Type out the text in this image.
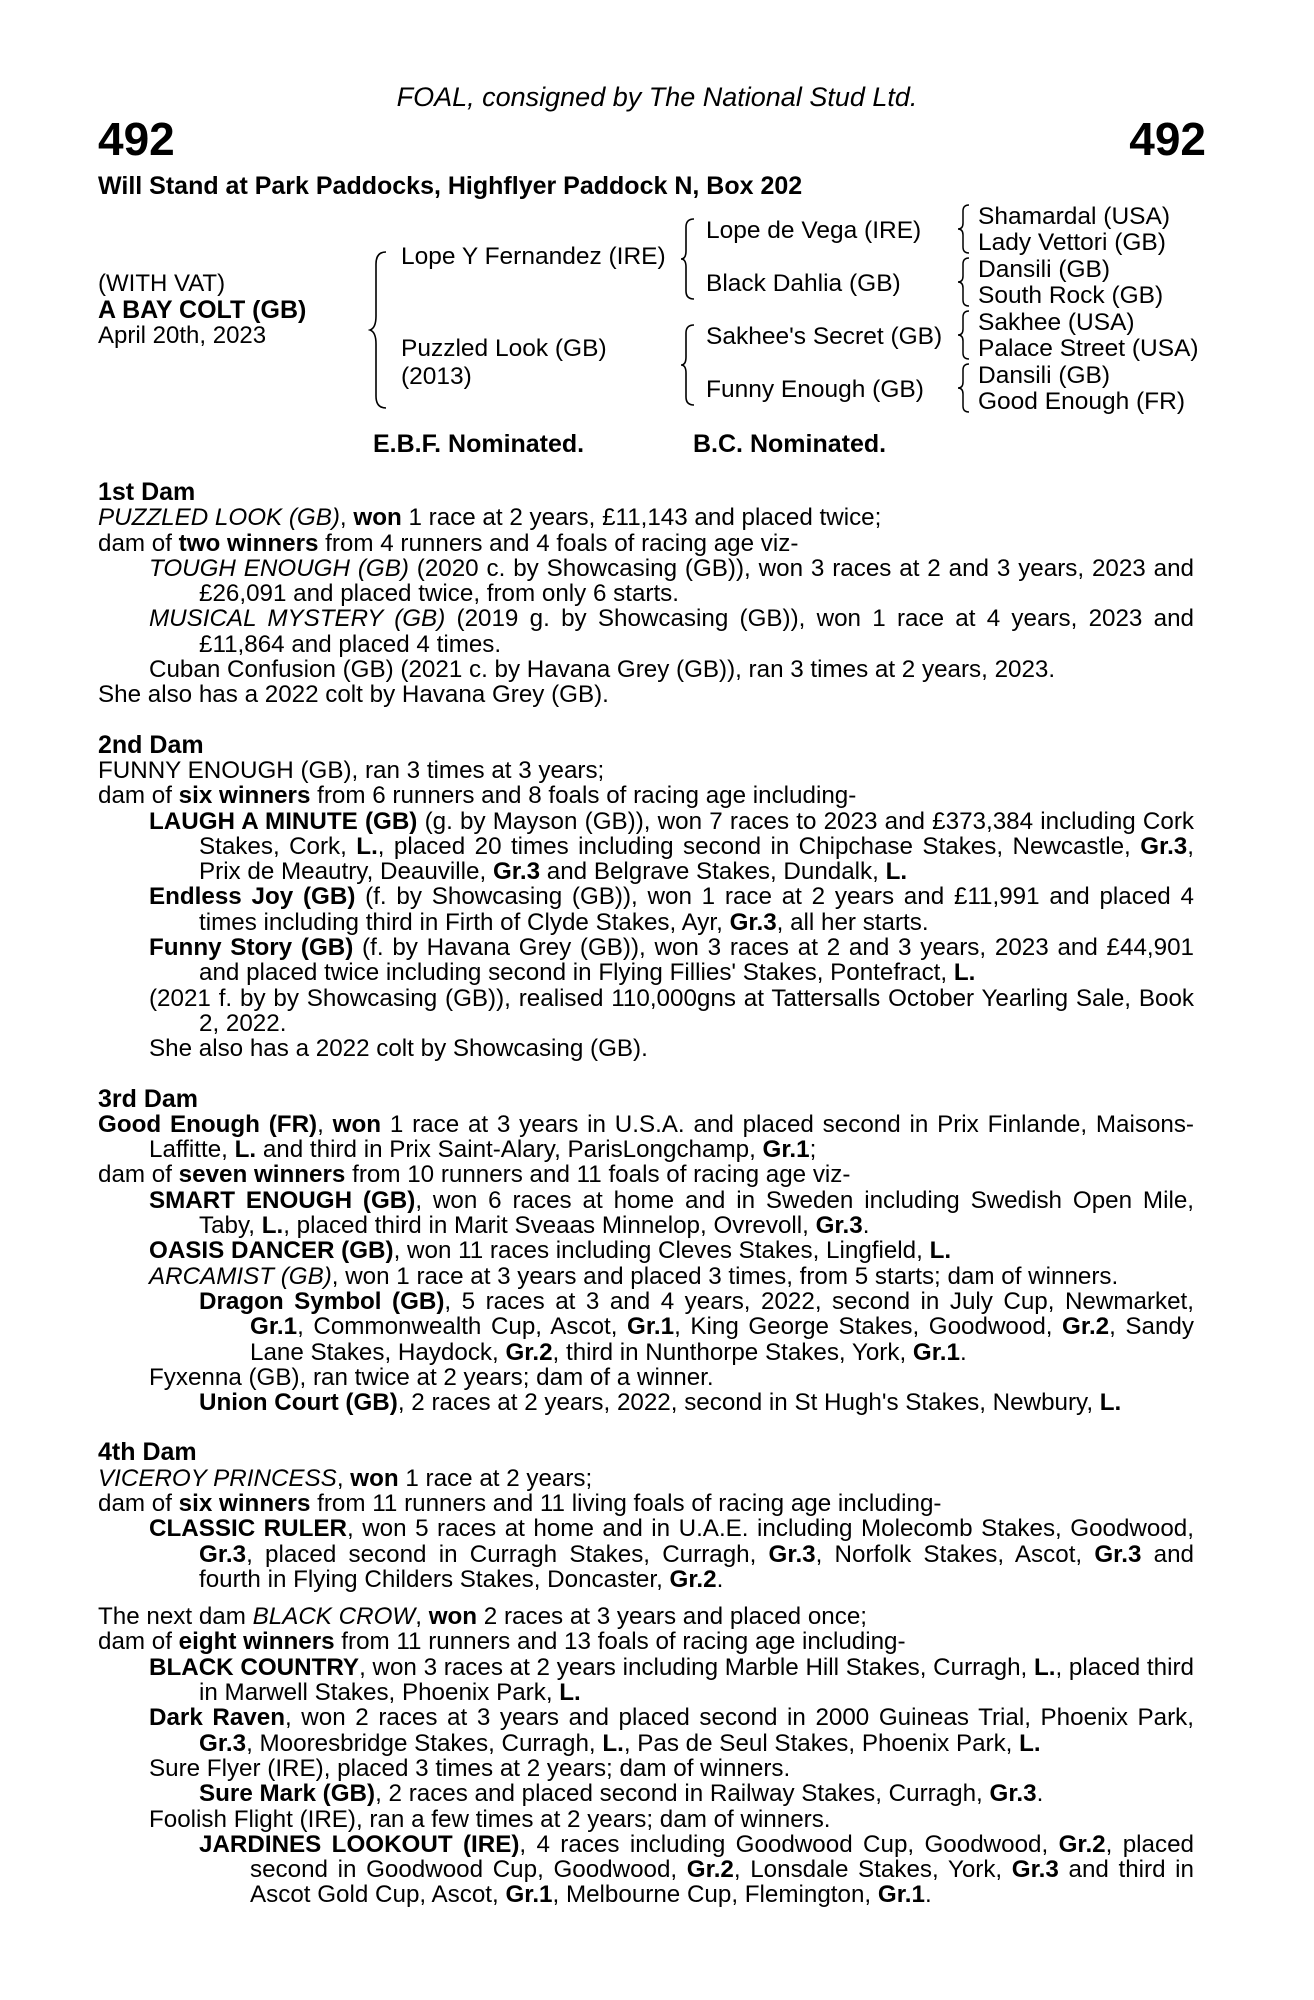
FOAL, consigned by The National Stud Ltd.
492	492
Will Stand at Park Paddocks, Highflyer Paddock N, Box 202
(WITH VAT)
A BAY COLT (GB)
April 20th, 2023
Lope Y Fernandez (IRE)
Puzzled Look (GB)
(2013)
Lope de Vega (IRE)
Black Dahlia (GB)
Sakhee's Secret (GB)
Funny Enough (GB)
Shamardal (USA)
Lady Vettori (GB)
Dansili (GB)
South Rock (GB)
Sakhee (USA)
Palace Street (USA)
Dansili (GB)
Good Enough (FR)
E.B.F. Nominated.	B.C. Nominated.

1st Dam

PUZZLED LOOK (GB), won 1 race at 2 years, £11,143 and placed twice;

dam of two winners from 4 runners and 4 foals of racing age viz-

TOUGH ENOUGH (GB) (2020 c. by Showcasing (GB)), won 3 races at 2 and 3 years, 2023 and £26,091 and placed twice, from only 6 starts.

MUSICAL MYSTERY (GB) (2019 g. by Showcasing (GB)), won 1 race at 4 years, 2023 and £11,864 and placed 4 times.

Cuban Confusion (GB) (2021 c. by Havana Grey (GB)), ran 3 times at 2 years, 2023.

She also has a 2022 colt by Havana Grey (GB).

2nd Dam

FUNNY ENOUGH (GB), ran 3 times at 3 years;

dam of six winners from 6 runners and 8 foals of racing age including-

LAUGH A MINUTE (GB) (g. by Mayson (GB)), won 7 races to 2023 and £373,384 including Cork Stakes, Cork, L., placed 20 times including second in Chipchase Stakes, Newcastle, Gr.3, Prix de Meautry, Deauville, Gr.3 and Belgrave Stakes, Dundalk, L.

Endless Joy (GB) (f. by Showcasing (GB)), won 1 race at 2 years and £11,991 and placed 4 times including third in Firth of Clyde Stakes, Ayr, Gr.3, all her starts.

Funny Story (GB) (f. by Havana Grey (GB)), won 3 races at 2 and 3 years, 2023 and £44,901 and placed twice including second in Flying Fillies' Stakes, Pontefract, L.

(2021 f. by by Showcasing (GB)), realised 110,000gns at Tattersalls October Yearling Sale, Book 2, 2022.

She also has a 2022 colt by Showcasing (GB).

3rd Dam

Good Enough (FR), won 1 race at 3 years in U.S.A. and placed second in Prix Finlande, Maisons-Laffitte, L. and third in Prix Saint-Alary, ParisLongchamp, Gr.1;

dam of seven winners from 10 runners and 11 foals of racing age viz-

SMART ENOUGH (GB), won 6 races at home and in Sweden including Swedish Open Mile, Taby, L., placed third in Marit Sveaas Minnelop, Ovrevoll, Gr.3.

OASIS DANCER (GB), won 11 races including Cleves Stakes, Lingfield, L.

ARCAMIST (GB), won 1 race at 3 years and placed 3 times, from 5 starts; dam of winners.

Dragon Symbol (GB), 5 races at 3 and 4 years, 2022, second in July Cup, Newmarket, Gr.1, Commonwealth Cup, Ascot, Gr.1, King George Stakes, Goodwood, Gr.2, Sandy Lane Stakes, Haydock, Gr.2, third in Nunthorpe Stakes, York, Gr.1.

Fyxenna (GB), ran twice at 2 years; dam of a winner.

Union Court (GB), 2 races at 2 years, 2022, second in St Hugh's Stakes, Newbury, L.

4th Dam

VICEROY PRINCESS, won 1 race at 2 years;

dam of six winners from 11 runners and 11 living foals of racing age including-

CLASSIC RULER, won 5 races at home and in U.A.E. including Molecomb Stakes, Goodwood, Gr.3, placed second in Curragh Stakes, Curragh, Gr.3, Norfolk Stakes, Ascot, Gr.3 and fourth in Flying Childers Stakes, Doncaster, Gr.2.

The next dam BLACK CROW, won 2 races at 3 years and placed once;

dam of eight winners from 11 runners and 13 foals of racing age including-

BLACK COUNTRY, won 3 races at 2 years including Marble Hill Stakes, Curragh, L., placed third in Marwell Stakes, Phoenix Park, L.

Dark Raven, won 2 races at 3 years and placed second in 2000 Guineas Trial, Phoenix Park, Gr.3, Mooresbridge Stakes, Curragh, L., Pas de Seul Stakes, Phoenix Park, L.

Sure Flyer (IRE), placed 3 times at 2 years; dam of winners.

Sure Mark (GB), 2 races and placed second in Railway Stakes, Curragh, Gr.3.

Foolish Flight (IRE), ran a few times at 2 years; dam of winners.

JARDINES LOOKOUT (IRE), 4 races including Goodwood Cup, Goodwood, Gr.2, placed second in Goodwood Cup, Goodwood, Gr.2, Lonsdale Stakes, York, Gr.3 and third in Ascot Gold Cup, Ascot, Gr.1, Melbourne Cup, Flemington, Gr.1.
